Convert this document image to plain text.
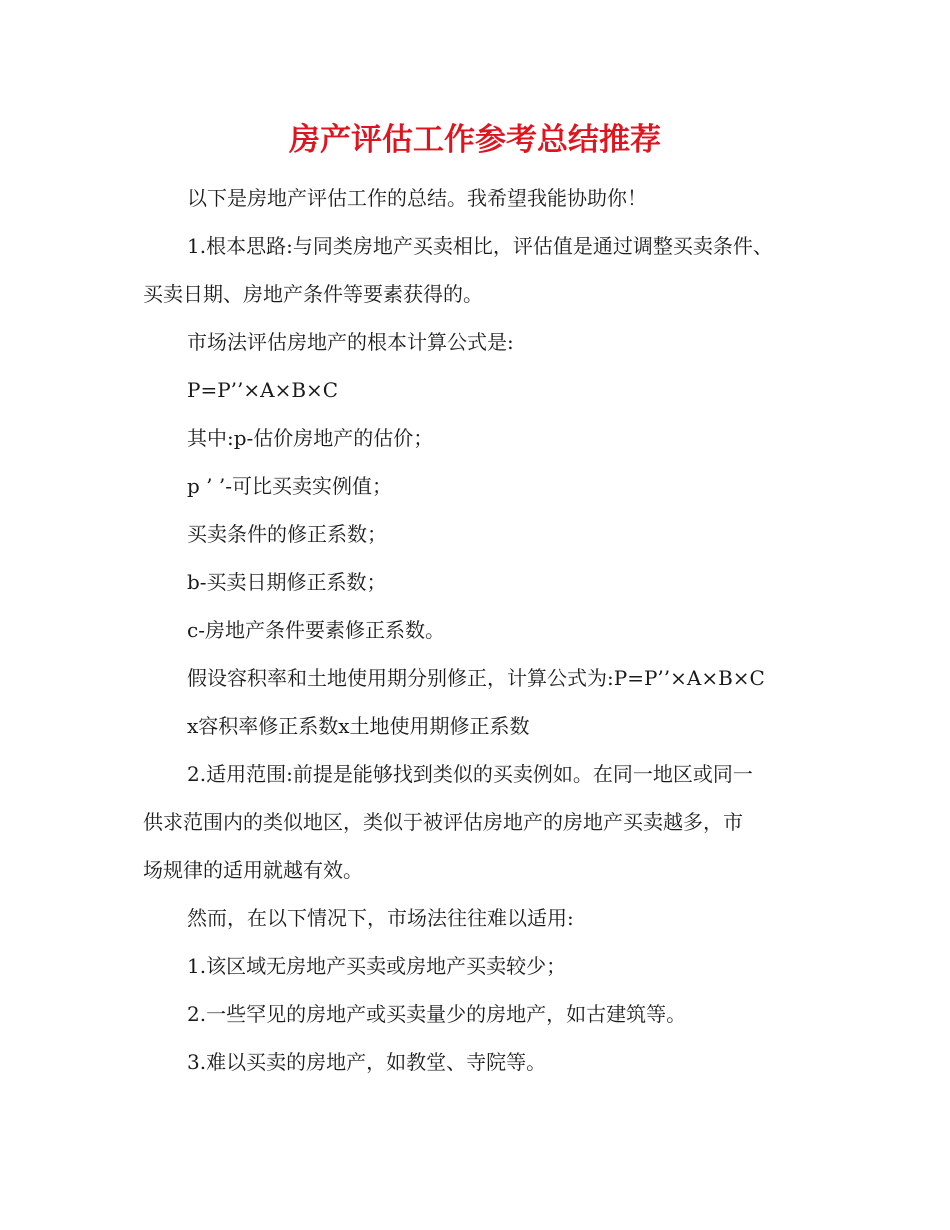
房产评估工作参考总结推荐

以下是房地产评估工作的总结。我希望我能协助你！

1.根本思路:与同类房地产买卖相比，评估值是通过调整买卖条件、

买卖日期、房地产条件等要素获得的。

市场法评估房地产的根本计算公式是:

P=P’’×A×B×C

其中:p-估价房地产的估价；

p ’ ’-可比买卖实例值；

买卖条件的修正系数；

b-买卖日期修正系数；

c-房地产条件要素修正系数。

假设容积率和土地使用期分别修正，计算公式为:P=P’’×A×B×C

x容积率修正系数x土地使用期修正系数

2.适用范围:前提是能够找到类似的买卖例如。在同一地区或同一

供求范围内的类似地区，类似于被评估房地产的房地产买卖越多，市

场规律的适用就越有效。

然而，在以下情况下，市场法往往难以适用:

1.该区域无房地产买卖或房地产买卖较少；

2.一些罕见的房地产或买卖量少的房地产，如古建筑等。

3.难以买卖的房地产，如教堂、寺院等。
